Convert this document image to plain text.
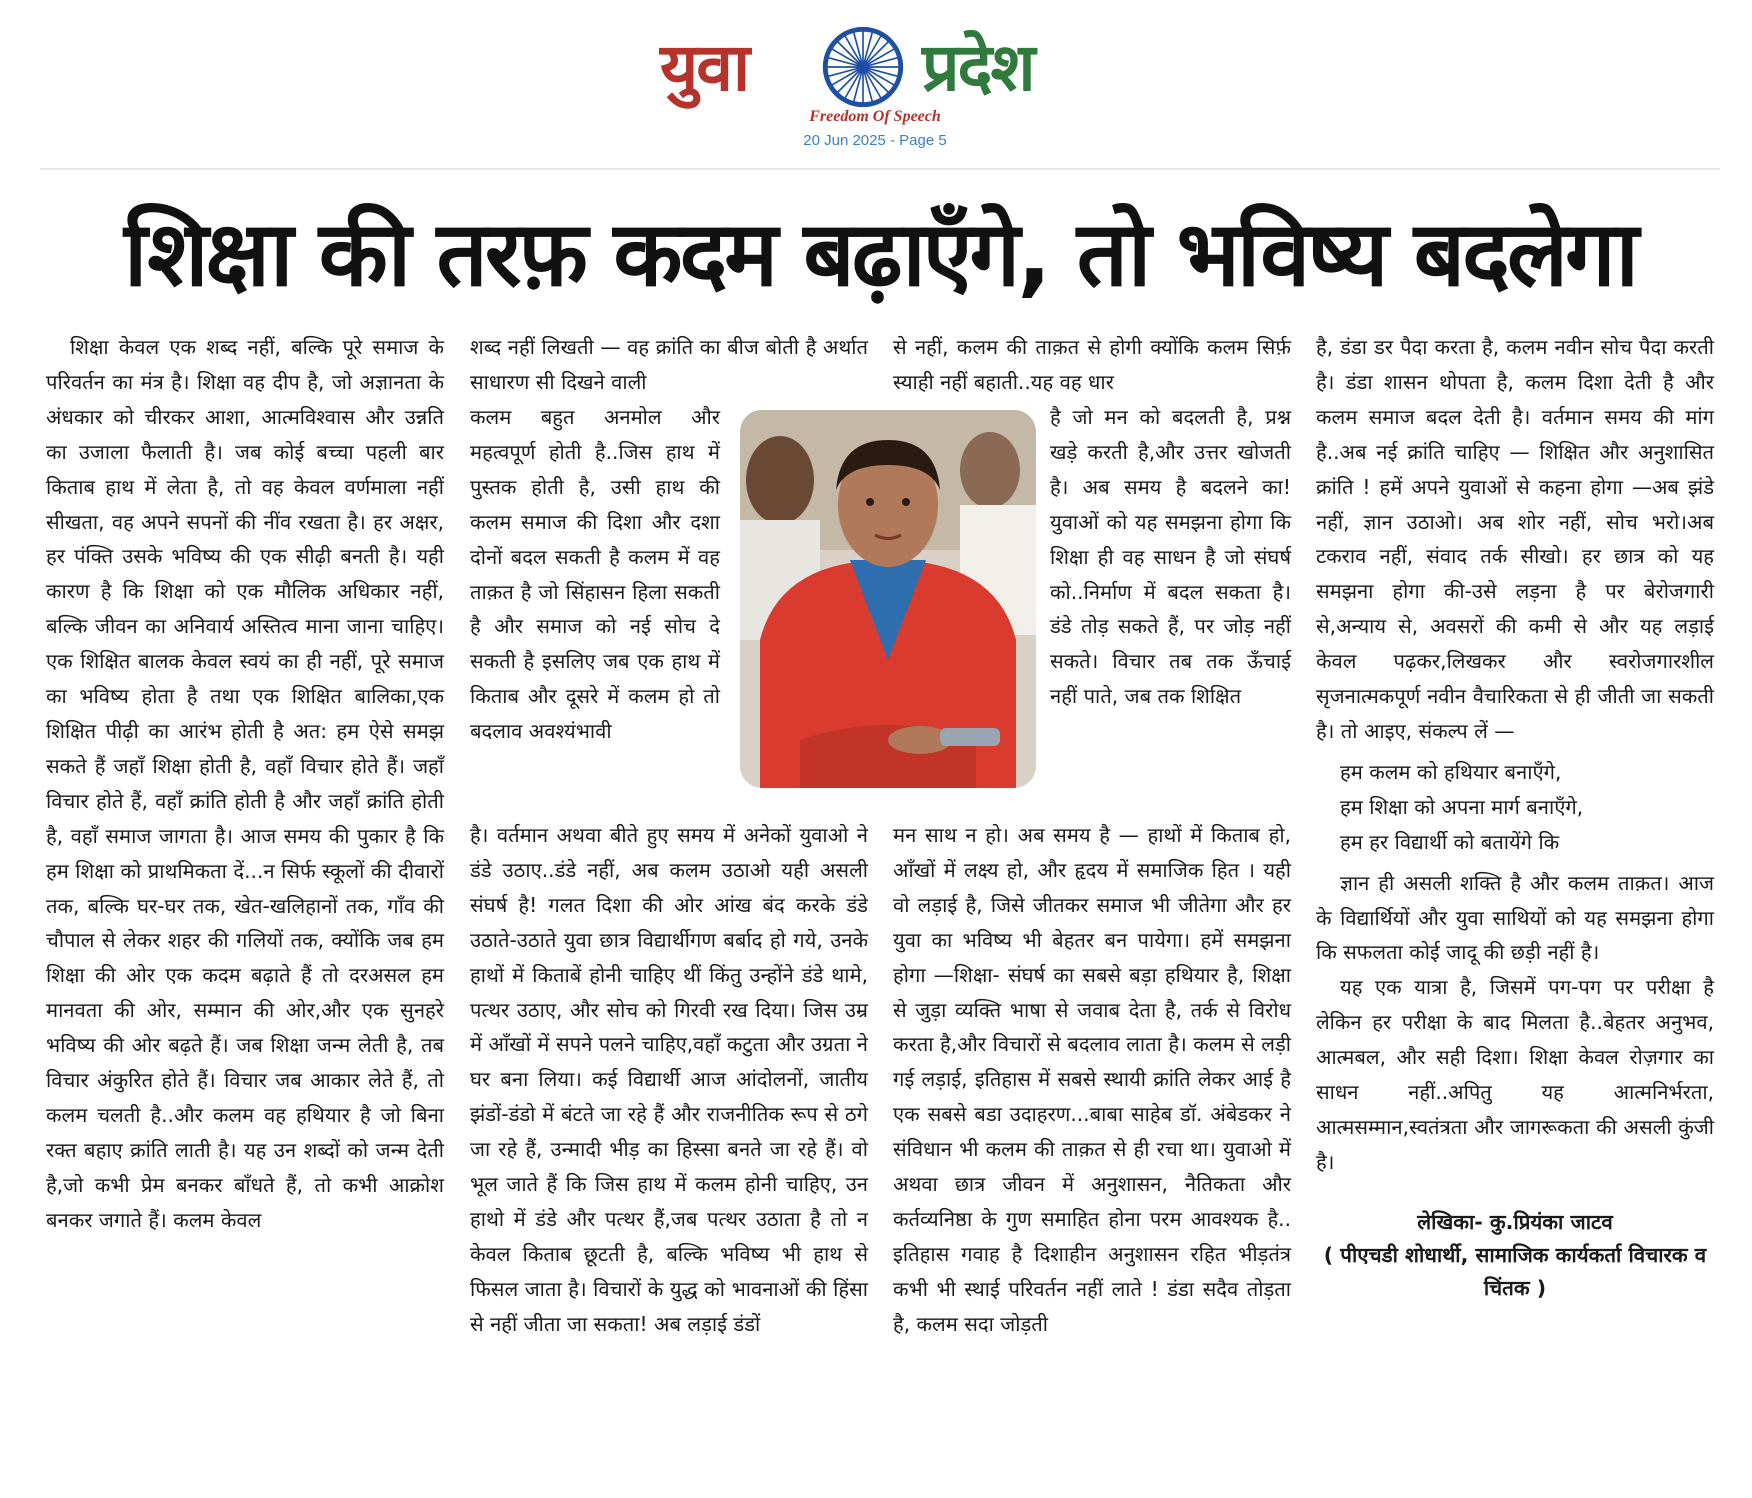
युवा	प्रदेश
Freedom Of Speech
20 Jun 2025 - Page 5
शिक्षा की तरफ़ कदम बढ़ाएँगे, तो भविष्य बदलेगा

शिक्षा केवल एक शब्द नहीं, बल्कि पूरे समाज के परिवर्तन का मंत्र है। शिक्षा वह दीप है, जो अज्ञानता के अंधकार को चीरकर आशा, आत्मविश्वास और उन्नति का उजाला फैलाती है। जब कोई बच्चा पहली बार किताब हाथ में लेता है, तो वह केवल वर्णमाला नहीं सीखता, वह अपने सपनों की नींव रखता है। हर अक्षर, हर पंक्ति उसके भविष्य की एक सीढ़ी बनती है। यही कारण है कि शिक्षा को एक मौलिक अधिकार नहीं, बल्कि जीवन का अनिवार्य अस्तित्व माना जाना चाहिए। एक शिक्षित बालक केवल स्वयं का ही नहीं, पूरे समाज का भविष्य होता है तथा एक शिक्षित बालिका,एक शिक्षित पीढ़ी का आरंभ होती है अत: हम ऐसे समझ सकते हैं जहाँ शिक्षा होती है, वहाँ विचार होते हैं। जहाँ विचार होते हैं, वहाँ क्रांति होती है और जहाँ क्रांति होती है, वहाँ समाज जागता है। आज समय की पुकार है कि हम शिक्षा को प्राथमिकता दें...न सिर्फ स्कूलों की दीवारों तक, बल्कि घर-घर तक, खेत-खलिहानों तक, गाँव की चौपाल से लेकर शहर की गलियों तक, क्योंकि जब हम शिक्षा की ओर एक कदम बढ़ाते हैं तो दरअसल हम मानवता की ओर, सम्मान की ओर,और एक सुनहरे भविष्य की ओर बढ़ते हैं। जब शिक्षा जन्म लेती है, तब विचार अंकुरित होते हैं। विचार जब आकार लेते हैं, तो कलम चलती है..और कलम वह हथियार है जो बिना रक्त बहाए क्रांति लाती है। यह उन शब्दों को जन्म देती है,जो कभी प्रेम बनकर बाँधते हैं, तो कभी आक्रोश बनकर जगाते हैं। कलम केवल

शब्द नहीं लिखती — वह क्रांति का बीज बोती है अर्थात साधारण सी दिखने वाली

कलम बहुत अनमोल और महत्वपूर्ण होती है..जिस हाथ में पुस्तक होती है, उसी हाथ की कलम समाज की दिशा और दशा दोनों बदल सकती है कलम में वह ताक़त है जो सिंहासन हिला सकती है और समाज को नई सोच दे सकती है इसलिए जब एक हाथ में किताब और दूसरे में कलम हो तो बदलाव अवश्यंभावी

है। वर्तमान अथवा बीते हुए समय में अनेकों युवाओ ने डंडे उठाए..डंडे नहीं, अब कलम उठाओ यही असली संघर्ष है! गलत दिशा की ओर आंख बंद करके डंडे उठाते-उठाते युवा छात्र विद्यार्थीगण बर्बाद हो गये, उनके हाथों में किताबें होनी चाहिए थीं किंतु उन्होंने डंडे थामे, पत्थर उठाए, और सोच को गिरवी रख दिया। जिस उम्र में आँखों में सपने पलने चाहिए,वहाँ कटुता और उग्रता ने घर बना लिया। कई विद्यार्थी आज आंदोलनों, जातीय झंडों-डंडो में बंटते जा रहे हैं और राजनीतिक रूप से ठगे जा रहे हैं, उन्मादी भीड़ का हिस्सा बनते जा रहे हैं। वो भूल जाते हैं कि जिस हाथ में कलम होनी चाहिए, उन हाथो में डंडे और पत्थर हैं,जब पत्थर उठाता है तो न केवल किताब छूटती है, बल्कि भविष्य भी हाथ से फिसल जाता है। विचारों के युद्ध को भावनाओं की हिंसा से नहीं जीता जा सकता! अब लड़ाई डंडों

से नहीं, कलम की ताक़त से होगी क्योंकि कलम सिर्फ़ स्याही नहीं बहाती..यह वह धार

है जो मन को बदलती है, प्रश्न खड़े करती है,और उत्तर खोजती है। अब समय है बदलने का! युवाओं को यह समझना होगा कि शिक्षा ही वह साधन है जो संघर्ष को..निर्माण में बदल सकता है। डंडे तोड़ सकते हैं, पर जोड़ नहीं सकते। विचार तब तक ऊँचाई नहीं पाते, जब तक शिक्षित

मन साथ न हो। अब समय है — हाथों में किताब हो, आँखों में लक्ष्य हो, और हृदय में समाजिक हित । यही वो लड़ाई है, जिसे जीतकर समाज भी जीतेगा और हर युवा का भविष्य भी बेहतर बन पायेगा। हमें समझना होगा —शिक्षा- संघर्ष का सबसे बड़ा हथियार है, शिक्षा से जुड़ा व्यक्ति भाषा से जवाब देता है, तर्क से विरोध करता है,और विचारों से बदलाव लाता है। कलम से लड़ी गई लड़ाई, इतिहास में सबसे स्थायी क्रांति लेकर आई है एक सबसे बडा उदाहरण...बाबा साहेब डॉ. अंबेडकर ने संविधान भी कलम की ताक़त से ही रचा था। युवाओ में अथवा छात्र जीवन में अनुशासन, नैतिकता और कर्तव्यनिष्ठा के गुण समाहित होना परम आवश्यक है.. इतिहास गवाह है दिशाहीन अनुशासन रहित भीड़तंत्र कभी भी स्थाई परिवर्तन नहीं लाते ! डंडा सदैव तोड़ता है, कलम सदा जोड़ती

है, डंडा डर पैदा करता है, कलम नवीन सोच पैदा करती है। डंडा शासन थोपता है, कलम दिशा देती है और कलम समाज बदल देती है। वर्तमान समय की मांग है..अब नई क्रांति चाहिए — शिक्षित और अनुशासित क्रांति ! हमें अपने युवाओं से कहना होगा —अब झंडे नहीं, ज्ञान उठाओ। अब शोर नहीं, सोच भरो।अब टकराव नहीं, संवाद तर्क सीखो। हर छात्र को यह समझना होगा की-उसे लड़ना है पर बेरोजगारी से,अन्याय से, अवसरों की कमी से और यह लड़ाई केवल पढ़कर,लिखकर और स्वरोजगारशील सृजनात्मकपूर्ण नवीन वैचारिकता से ही जीती जा सकती है। तो आइए, संकल्प लें —

हम कलम को हथियार बनाएँगे,
हम शिक्षा को अपना मार्ग बनाएँगे,
हम हर विद्यार्थी को बतायेंगे कि

ज्ञान ही असली शक्ति है और कलम ताक़त। आज के विद्यार्थियों और युवा साथियों को यह समझना होगा कि सफलता कोई जादू की छड़ी नहीं है।

यह एक यात्रा है, जिसमें पग-पग पर परीक्षा है लेकिन हर परीक्षा के बाद मिलता है..बेहतर अनुभव, आत्मबल, और सही दिशा। शिक्षा केवल रोज़गार का साधन नहीं..अपितु यह आत्मनिर्भरता, आत्मसम्मान,स्वतंत्रता और जागरूकता की असली कुंजी है।

लेखिका- कु.प्रियंका जाटव
( पीएचडी शोधार्थी, सामाजिक कार्यकर्ता विचारक व चिंतक )
